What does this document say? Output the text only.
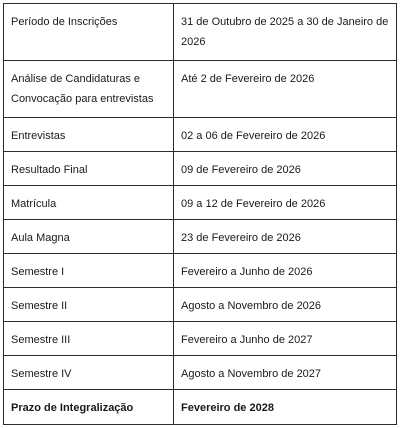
Período de Inscrições	31 de Outubro de 2025 a 30 de Janeiro de 2026
Análise de Candidaturas e Convocação para entrevistas	Até 2 de Fevereiro de 2026
Entrevistas	02 a 06 de Fevereiro de 2026
Resultado Final	09 de Fevereiro de 2026
Matrícula	09 a 12 de Fevereiro de 2026
Aula Magna	23 de Fevereiro de 2026
Semestre I	Fevereiro a Junho de 2026
Semestre II	Agosto a Novembro de 2026
Semestre III	Fevereiro a Junho de 2027
Semestre IV	Agosto a Novembro de 2027
Prazo de Integralização	Fevereiro de 2028
